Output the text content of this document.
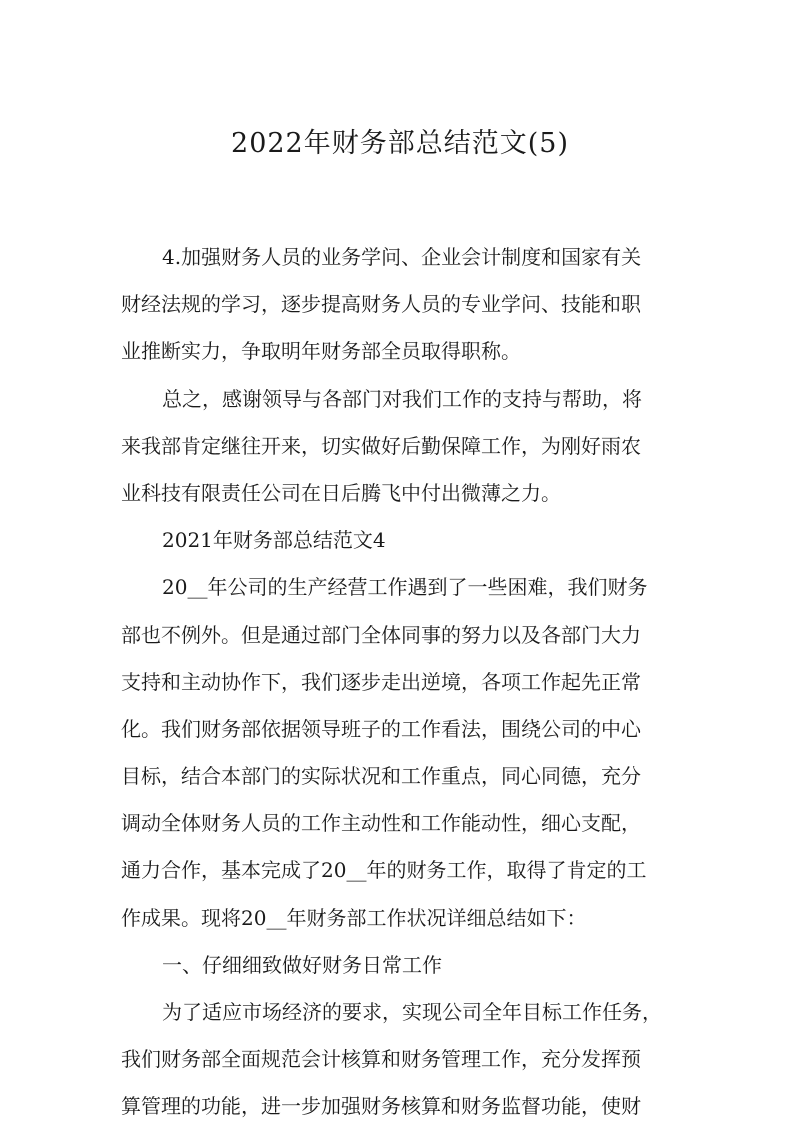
2022年财务部总结范文(5)
4.加强财务人员的业务学问、企业会计制度和国家有关
财经法规的学习，逐步提高财务人员的专业学问、技能和职
业推断实力，争取明年财务部全员取得职称。
总之，感谢领导与各部门对我们工作的支持与帮助，将
来我部肯定继往开来，切实做好后勤保障工作，为刚好雨农
业科技有限责任公司在日后腾飞中付出微薄之力。
2021年财务部总结范文4
20__年公司的生产经营工作遇到了一些困难，我们财务
部也不例外。但是通过部门全体同事的努力以及各部门大力
支持和主动协作下，我们逐步走出逆境，各项工作起先正常
化。我们财务部依据领导班子的工作看法，围绕公司的中心
目标，结合本部门的实际状况和工作重点，同心同德，充分
调动全体财务人员的工作主动性和工作能动性，细心支配，
通力合作，基本完成了20__年的财务工作，取得了肯定的工
作成果。现将20__年财务部工作状况详细总结如下：
一、仔细细致做好财务日常工作
为了适应市场经济的要求，实现公司全年目标工作任务，
我们财务部全面规范会计核算和财务管理工作，充分发挥预
算管理的功能，进一步加强财务核算和财务监督功能，使财
